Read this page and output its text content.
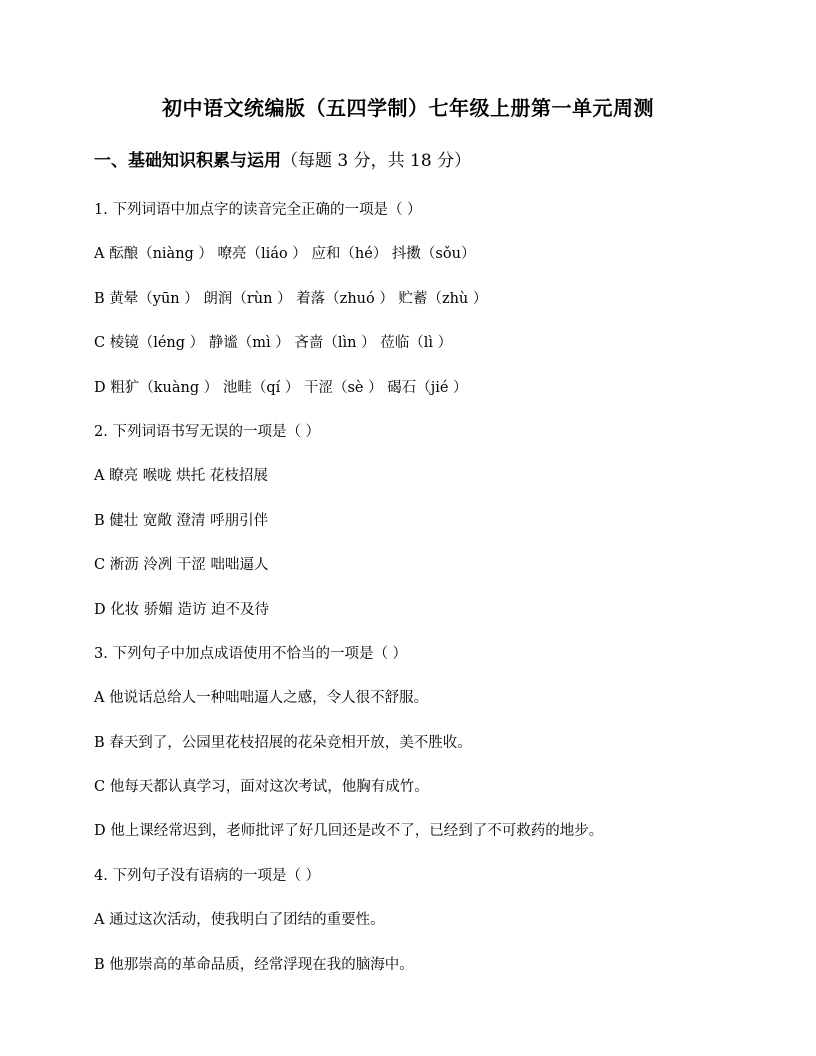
初中语文统编版（五四学制）七年级上册第一单元周测
一、基础知识积累与运用（每题 3 分，共 18 分）
1. 下列词语中加点字的读音完全正确的一项是（ ）
A 酝酿（niàng ） 嘹亮（liáo ） 应和（hé） 抖擞（sǒu）
B 黄晕（yūn ） 朗润（rùn ） 着落（zhuó ） 贮蓄（zhù ）
C 棱镜（léng ） 静谧（mì ） 吝啬（lìn ） 莅临（lì ）
D 粗犷（kuàng ） 池畦（qí ） 干涩（sè ） 碣石（jié ）
2. 下列词语书写无误的一项是（ ）
A 瞭亮 喉咙 烘托 花枝招展
B 健壮 宽敞 澄清 呼朋引伴
C 淅沥 泠冽 干涩 咄咄逼人
D 化妆 骄媚 造访 迫不及待
3. 下列句子中加点成语使用不恰当的一项是（ ）
A 他说话总给人一种咄咄逼人之感，令人很不舒服。
B 春天到了，公园里花枝招展的花朵竞相开放，美不胜收。
C 他每天都认真学习，面对这次考试，他胸有成竹。
D 他上课经常迟到，老师批评了好几回还是改不了，已经到了不可救药的地步。
4. 下列句子没有语病的一项是（ ）
A 通过这次活动，使我明白了团结的重要性。
B 他那崇高的革命品质，经常浮现在我的脑海中。
